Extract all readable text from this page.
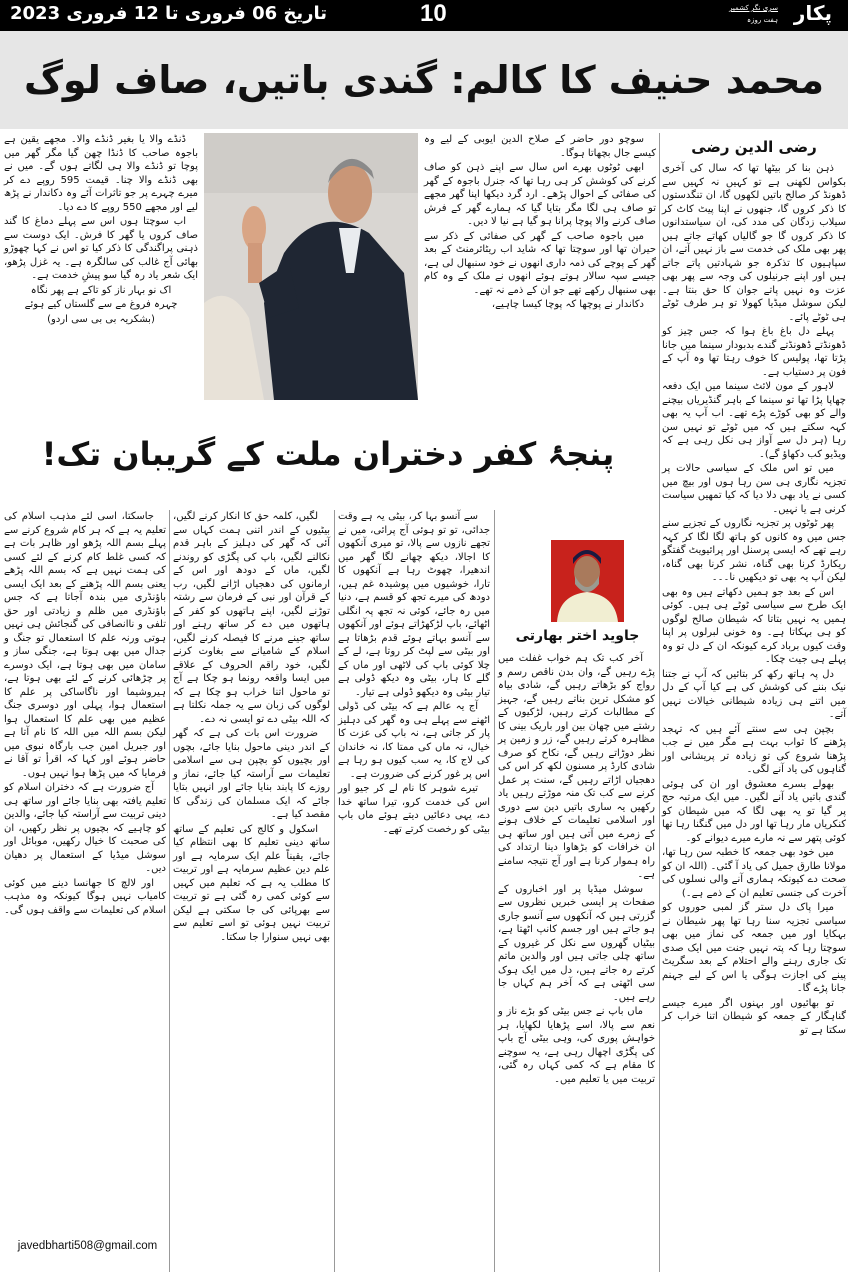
تاریخ 06 فروری تا 12 فروری 2023	10	پکار
سری نگر کشمیر
ہفت روزہ
محمد حنیف کا کالم: گندی باتیں، صاف لوگ
رضی الدین رضی

ذہن بنا کر بیٹھا تھا کہ سال کی آخری بکواس لکھنی ہے تو کہیں نہ کہیں سے ڈھونڈ کر صالح باتیں لکھوں گا، ان تنگدستوں کا ذکر کروں گا، جنھوں نے اپنا پیٹ کاٹ کر سیلاب زدگان کی مدد کی، ان سیاستدانوں کا ذکر کروں گا جو گالیاں کھاتے جاتے ہیں پھر بھی ملک کی خدمت سے باز نہیں آتے، ان سپاہیوں کا تذکرہ جو شہادتیں پاتے جاتے ہیں اور اپنے جرنیلوں کی وجہ سے پھر بھی عزت وہ نہیں پاتے جوان کا حق بنتا ہے۔ لیکن سوشل میڈیا کھولا تو ہر طرف ٹوٹے ہی ٹوٹے پائے۔

پہلے دل باغ باغ ہوا کہ جس چیز کو ڈھونڈتے ڈھونڈتے گندے بدبودار سینما میں جانا پڑتا تھا، پولیس کا خوف رہتا تھا وہ آپ کے فون پر دستیاب ہے۔

لاہور کے مون لائٹ سینما میں ایک دفعہ چھاپا پڑا تھا تو سینما کے باہر گنڈیریاں بیچنے والے کو بھی کوڑے پڑے تھے۔ اب آپ یہ بھی کہہ سکتے ہیں کہ میں ٹوٹے تو نہیں سن رہا (ہر دل سے آواز ہی نکل رہی ہے کہ ویڈیو کب دکھاؤ گے)۔

میں تو اس ملک کے سیاسی حالات پر تجزیہ نگاری ہی سن رہا ہوں اور بیچ میں کسی نے یاد بھی دلا دیا کہ کیا تمھیں سیاست کرنی ہے یا نہیں۔

پھر ٹوٹوں پر تجزیہ نگاروں کے تجزیے سنے جس میں وہ کانوں کو ہاتھ لگا لگا کر کہہ رہے تھے کہ ایسی پرسنل اور پرائیویٹ گفتگو ریکارڈ کرنا بھی گناہ، نشر کرنا بھی گناہ، لیکن آپ یہ بھی تو دیکھیں نا۔۔۔

اس کے بعد جو ہمیں دکھاتے ہیں وہ بھی ایک طرح سے سیاسی ٹوٹے ہی ہیں۔ کوئی ہمیں یہ نہیں بتاتا کہ شیطان صالح لوگوں کو ہی بہکاتا ہے۔ وہ خونی لبرلوں پر اپنا وقت کیوں برباد کرے کیونکہ ان کے دل تو وہ پہلے ہی جیت چکا۔

دل پہ ہاتھ رکھ کر بتائیں کہ آپ نے جتنا نیک بننے کی کوشش کی ہے کیا آپ کے دل میں اتنے ہی زیادہ شیطانی خیالات نہیں آتے۔

بچپن ہی سے سنتے آئے ہیں کہ تہجد پڑھنے کا ثواب بہت ہے مگر میں نے جب پڑھنا شروع کی تو زیادہ تر پریشانی اور گناہوں کی یاد آنے لگی۔

بھولے بسرے معشوق اور ان کی ہوئی گندی باتیں یاد آنے لگیں۔ میں ایک مرتبہ حج پر گیا تو یہ بھی لگا کہ میں شیطان کو کنکریاں مار رہا تھا اور دل میں گنگنا رہا تھا کوئی پتھر سے نہ مارے میرے دیوانے کو۔

میں خود بھی جمعہ کا خطبہ سن رہا تھا، مولانا طارق جمیل کی یاد آ گئی۔ (اللہ ان کو صحت دے کیونکہ ہماری آنے والی نسلوں کی آخرت کی جنسی تعلیم ان کے ذمے ہے۔)

میرا پاک دل ستر گز لمبی حوروں کو سیاسی تجزیہ سنا رہا تھا پھر شیطان نے بہکایا اور میں جمعہ کی نماز میں بھی سوچتا رہا کہ پتہ نہیں جنت میں ایک صدی تک جاری رہنے والے احتلام کے بعد سگریٹ پینے کی اجازت ہوگی یا اس کے لیے جہنم جانا پڑے گا۔

تو بھائیوں اور بہنوں اگر میرے جیسے گناہگار کے جمعہ کو شیطان اتنا خراب کر سکتا ہے تو

سوچو دور حاضر کے صلاح الدین ایوبی کے لیے وہ کیسے جال بچھاتا ہوگا۔

ابھی ٹوٹوں بھرے اس سال سے اپنے ذہن کو صاف کرنے کی کوشش کر ہی رہا تھا کہ جنرل باجوہ کے گھر کی صفائی کے احوال پڑھے۔ ارد گرد دیکھا اپنا گھر مجھے تو صاف ہی لگا مگر بتایا گیا کہ ہمارے گھر کے فرش صاف کرنے والا پوچا پرانا ہو گیا ہے نیا لا دیں۔

میں باجوہ صاحب کے گھر کی صفائی کے ذکر سے حیران تھا اور سوچتا تھا کہ شاید اب ریٹائرمنٹ کے بعد گھر کے پوچے کی ذمہ داری انھوں نے خود سنبھال لی ہے، جیسے سپہ سالار ہوتے ہوئے انھوں نے ملک کے وہ کام بھی سنبھال رکھے تھے جو ان کے ذمے نہ تھے۔

دکاندار نے پوچھا کہ پوچا کیسا چاہیے،

ڈنڈے والا یا بغیر ڈنڈے والا۔ مجھے یقین ہے باجوہ صاحب کا ڈنڈا چھن گیا مگر گھر میں پوچا تو ڈنڈے والا ہی لگاتے ہوں گے۔ میں نے بھی ڈنڈے والا چنا۔ قیمت 595 روپے دے کر میرے چہرے پر جو تاثرات آئے وہ دکاندار نے پڑھ لیے اور مجھے 550 روپے کا دے دیا۔

اب سوچتا ہوں اس سے پہلے دماغ کا گند صاف کروں یا گھر کا فرش۔ ایک دوست سے ذہنی پراگندگی کا ذکر کیا تو اس نے کہا چھوڑو بھائی آج غالب کی سالگرہ ہے۔ یہ غزل پڑھو، ایک شعر یاد رہ گیا سو پیشِ خدمت ہے۔

اک نو بہار ناز کو تاکے ہے پھر نگاہ

چہرہ فروغ مے سے گلستاں کیے ہوئے

(بشکریہ بی بی سی اردو)

پنجۂ کفر دختران ملت کے گریبان تک!
جاوید اختر بھارتی

آخر کب تک ہم خواب غفلت میں پڑے رہیں گے، وان بدن ناقص رسم و رواج کو بڑھاتے رہیں گے، شادی بیاہ کو مشکل ترین بناتے رہیں گے، جہیز کے مطالبات کرتے رہیں، لڑکیوں کے رشتے میں چھان بین اور باریک بینی کا مظاہرہ کرتے رہیں گے، زر و زمین پر نظر دوڑاتے رہیں گے، نکاح کو صرف شادی کارڈ پر مسنون لکھ کر اس کی دھجیاں اڑاتے رہیں گے، سنت پر عمل کرنے سے کب تک منہ موڑتے رہیں یاد رکھیں یہ ساری باتیں دین سے دوری اور اسلامی تعلیمات کے خلاف ہونے کے زمرے میں آتی ہیں اور ساتھ ہی ان خرافات کو بڑھاوا دینا ارتداد کی راہ ہموار کرنا ہے اور آج نتیجہ سامنے ہے۔

سوشل میڈیا پر اور اخباروں کے صفحات پر ایسی خبریں نظروں سے گزرتی ہیں کہ آنکھوں سے آنسو جاری ہو جاتے ہیں اور جسم کانپ اٹھتا ہے، بیٹیاں گھروں سے نکل کر غیروں کے ساتھ چلی جاتی ہیں اور والدین ماتم کرتے رہ جاتے ہیں، دل میں ایک ہوک سی اٹھتی ہے کہ آخر ہم کہاں جا رہے ہیں۔

ماں باپ نے جس بیٹی کو بڑے ناز و نعم سے پالا، اسے پڑھایا لکھایا، ہر خواہش پوری کی، وہی بیٹی آج باپ کی پگڑی اچھال رہی ہے، یہ سوچنے کا مقام ہے کہ کمی کہاں رہ گئی، تربیت میں یا تعلیم میں۔

سے آنسو بہا کر، بیٹی یہ ہے وقت جدائی، تو تو ہوئی آج پرائی، میں نے تجھے نازوں سے پالا، تو میری آنکھوں کا اجالا، دیکھ چھانے لگا گھر میں اندھیرا، چھوٹ رہا ہے آنکھوں کا تارا، خوشیوں میں پوشیدہ غم ہیں، دودھ کی میرے تجھ کو قسم ہے، دنیا میں رہ جائے، کوئی نہ تجھ پہ انگلی اٹھائے، باپ لڑکھڑاتے ہوئے اور آنکھوں سے آنسو بہاتے ہوئے قدم بڑھاتا ہے اور بیٹی سے لپٹ کر روتا ہے، لے کے چلا کوئی باپ کی لاٹھی اور ماں کے گلے کا ہار، بیٹی وہ دیکھ ڈولی ہے تیار بیٹی وہ دیکھو ڈولی ہے تیار۔

آج یہ عالم ہے کہ بیٹی کی ڈولی اٹھنے سے پہلے ہی وہ گھر کی دہلیز پار کر جاتی ہے، نہ باپ کی عزت کا خیال، نہ ماں کی ممتا کا، نہ خاندان کی لاج کا، یہ سب کیوں ہو رہا ہے اس پر غور کرنے کی ضرورت ہے۔

تیرے شوہر کا نام لے کر جیو اور اس کی خدمت کرو، تیرا ساتھ خدا دے، یہی دعائیں دیتے ہوئے ماں باپ بیٹی کو رخصت کرتے تھے۔

لگیں، کلمہ حق کا انکار کرنے لگیں، بیٹیوں کے اندر اتنی ہمت کہاں سے آئی کہ گھر کی دہلیز کے باہر قدم نکالنے لگیں، باپ کی پگڑی کو روندنے لگیں، ماں کے دودھ اور اس کے ارمانوں کی دھجیاں اڑانے لگیں، رب کے قرآن اور نبی کے فرمان سے رشتہ توڑنے لگیں، اپنے ہاتھوں کو کفر کے ہاتھوں میں دے کر ساتھ رہنے اور ساتھ جینے مرنے کا فیصلہ کرنے لگیں، اسلام کے شامیانے سے بغاوت کرنے لگیں، خود راقم الحروف کے علاقے میں ایسا واقعہ رونما ہو چکا ہے آج تو ماحول اتنا خراب ہو چکا ہے کہ لوگوں کی زبان سے یہ جملہ نکلتا ہے کہ اللہ بیٹی دے تو ایسی نہ دے۔

ضرورت اس بات کی ہے کہ گھر کے اندر دینی ماحول بنایا جائے، بچوں اور بچیوں کو بچپن ہی سے اسلامی تعلیمات سے آراستہ کیا جائے، نماز و روزے کا پابند بنایا جائے اور انہیں بتایا جائے کہ ایک مسلمان کی زندگی کا مقصد کیا ہے۔

اسکول و کالج کی تعلیم کے ساتھ ساتھ دینی تعلیم کا بھی انتظام کیا جائے، یقیناً علم ایک سرمایہ ہے اور علم دین عظیم سرمایہ ہے اور تربیت کا مطلب یہ ہے کہ تعلیم میں کہیں سے کوئی کمی رہ گئی ہے تو تربیت سے بھرپائی کی جا سکتی ہے لیکن تربیت نہیں ہوئی تو اسے تعلیم سے بھی نہیں سنوارا جا سکتا۔

جاسکتا، اسی لئے مذہب اسلام کی تعلیم یہ ہے کہ ہر کام شروع کرنے سے پہلے بسم اللہ پڑھو اور ظاہر بات ہے کہ کسی غلط کام کرنے کے لئے کسی کی ہمت نہیں ہے کہ بسم اللہ پڑھے یعنی بسم اللہ پڑھنے کے بعد ایک ایسی باؤنڈری میں بندہ آجاتا ہے کہ جس باؤنڈری میں ظلم و زیادتی اور حق تلفی و ناانصافی کی گنجائش ہی نہیں ہوتی ورنہ علم کا استعمال تو جنگ و جدال میں بھی ہوتا ہے، جنگی ساز و سامان میں بھی ہوتا ہے، ایک دوسرے پر چڑھائی کرنے کے لئے بھی ہوتا ہے، ہیروشیما اور ناگاساکی پر علم کا استعمال ہوا، پہلی اور دوسری جنگ عظیم میں بھی علم کا استعمال ہوا لیکن بسم اللہ میں اللہ کا نام آتا ہے اور جبریل امین جب بارگاہ نبوی میں حاضر ہوئے اور کہا کہ اقرأ تو آقا نے فرمایا کہ میں پڑھا ہوا نہیں ہوں۔

آج ضرورت ہے کہ دختران اسلام کو تعلیم یافتہ بھی بنایا جائے اور ساتھ ہی دینی تربیت سے آراستہ کیا جائے، والدین کو چاہیے کہ بچیوں پر نظر رکھیں، ان کی صحبت کا خیال رکھیں، موبائل اور سوشل میڈیا کے استعمال پر دھیان دیں۔

اور لالچ کا جھانسا دینے میں کوئی کامیاب نہیں ہوگا کیونکہ وہ مذہب اسلام کی تعلیمات سے واقف ہوں گی۔

javedbharti508@gmail.com
